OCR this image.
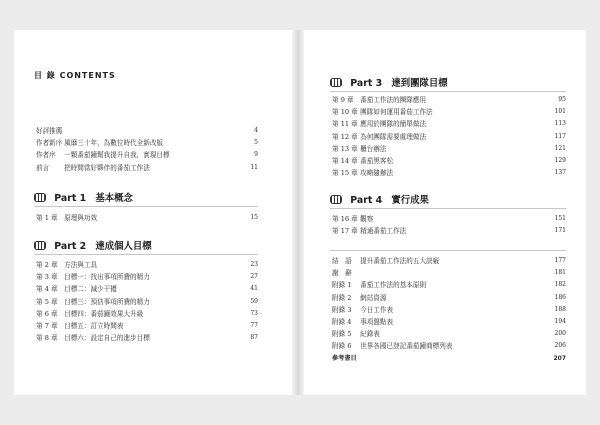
目 錄 CONTENTS
好評推薦	4
作者新序 風靡三十年，為數位時代全新改版	5
作者序 一顆番茄鐘幫我提升自我，實現目標	9
前言 把時間當好夥伴的番茄工作法	11
Part 1 基本概念
第 1 章 原理與功效	15
Part 2 達成個人目標
第 2 章 方法與工具	23
第 3 章 目標一：找出事項所費的精力	27
第 4 章 目標二：減少干擾	41
第 5 章 目標三：預估事項所費的精力	59
第 6 章 目標四：番茄鐘效果大升級	73
第 7 章 目標五：訂立時間表	77
第 8 章 目標六：設定自己的進步目標	87
Part 3 達到團隊目標
第 9 章 番茄工作法的團隊應用	95
第 10 章 團隊如何運用番茄工作法	101
第 11 章 應用於團隊的簡單做法	113
第 12 章 為何團隊需要處理做法	117
第 13 章 櫃台辦法	121
第 14 章 番茄黑客松	129
第 15 章 攻略隨辦法	137
Part 4 實行成果
第 16 章 觀察	151
第 17 章 精通番茄工作法	171
結　語 提升番茄工作法的五大訣竅	177
謝　辭	181
附錄 1 番茄工作法的基本原則	182
附錄 2 網站資源	186
附錄 3 今日工作表	188
附錄 4 事項盤點表	194
附錄 5 紀錄表	200
附錄 6 世界各國已登記番茄鐘商標列表	206
參考書目	207
